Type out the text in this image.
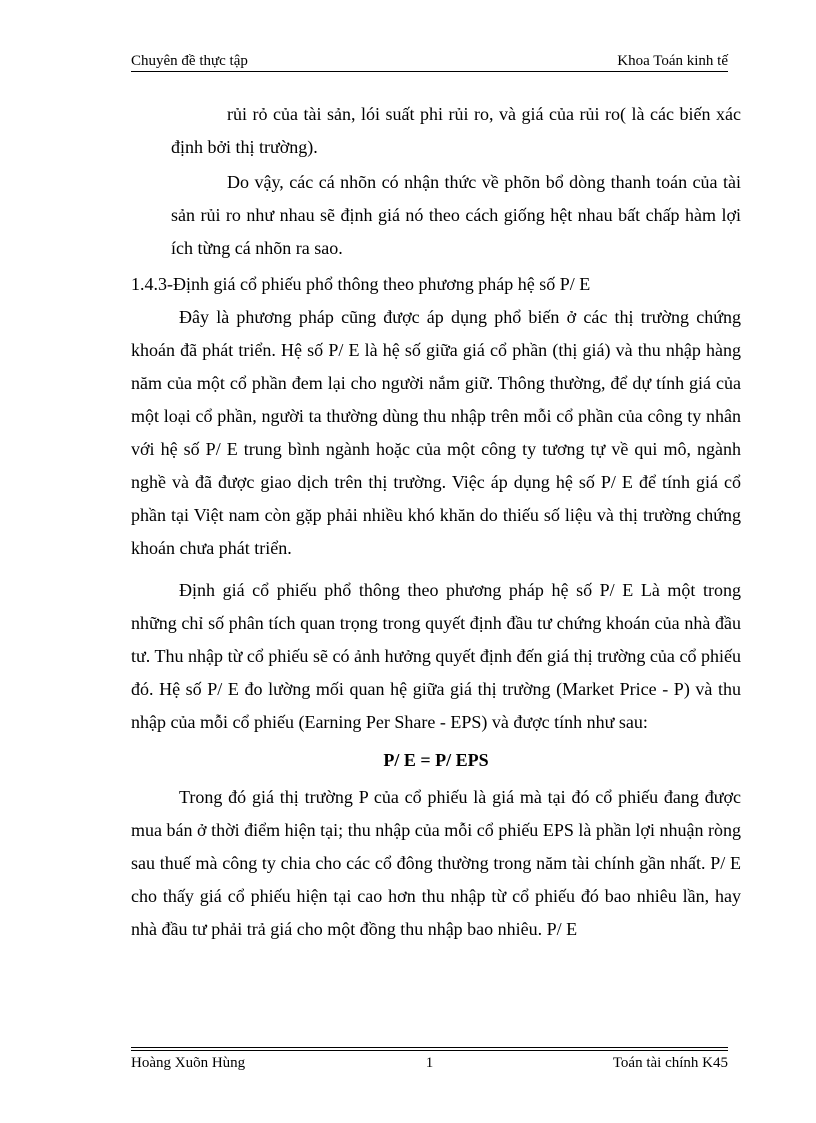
Chuyên đề thực tập	Khoa Toán kinh tế

rủi rỏ của tài sản, lói suất phi rủi ro, và giá của rủi ro( là các biến xác định bởi thị trường).

Do vậy, các cá nhõn có nhận thức về phõn bổ dòng thanh toán của tài sản rủi ro như nhau sẽ định giá nó theo cách giống hệt nhau bất chấp hàm lợi ích từng cá nhõn ra sao.

1.4.3-Định giá cổ phiếu phổ thông theo phương pháp hệ số P/ E

Đây là phương pháp cũng được áp dụng phổ biến ở các thị trường chứng khoán đã phát triển. Hệ số P/ E là hệ số giữa giá cổ phần (thị giá) và thu nhập hàng năm của một cổ phần đem lại cho người nắm giữ. Thông thường, để dự tính giá của một loại cổ phần, người ta thường dùng thu nhập trên mỗi cổ phần của công ty nhân với hệ số P/ E trung bình ngành hoặc của một công ty tương tự về qui mô, ngành nghề và đã được giao dịch trên thị trường. Việc áp dụng hệ số P/ E để tính giá cổ phần tại Việt nam còn gặp phải nhiều khó khăn do thiếu số liệu và thị trường chứng khoán chưa phát triển.

Định giá cổ phiếu phổ thông theo phương pháp hệ số P/ E Là một trong những chỉ số phân tích quan trọng trong quyết định đầu tư chứng khoán của nhà đầu tư. Thu nhập từ cổ phiếu sẽ có ảnh hưởng quyết định đến giá thị trường của cổ phiếu đó. Hệ số P/ E đo lường mối quan hệ giữa giá thị trường (Market Price - P) và thu nhập của mỗi cổ phiếu (Earning Per Share - EPS) và được tính như sau:

P/ E = P/ EPS

Trong đó giá thị trường P của cổ phiếu là giá mà tại đó cổ phiếu đang được mua bán ở thời điểm hiện tại; thu nhập của mỗi cổ phiếu EPS là phần lợi nhuận ròng sau thuế mà công ty chia cho các cổ đông thường trong năm tài chính gần nhất. P/ E cho thấy giá cổ phiếu hiện tại cao hơn thu nhập từ cổ phiếu đó bao nhiêu lần, hay nhà đầu tư phải trả giá cho một đồng thu nhập bao nhiêu. P/ E

Hoàng Xuõn Hùng	1	Toán tài chính K45
